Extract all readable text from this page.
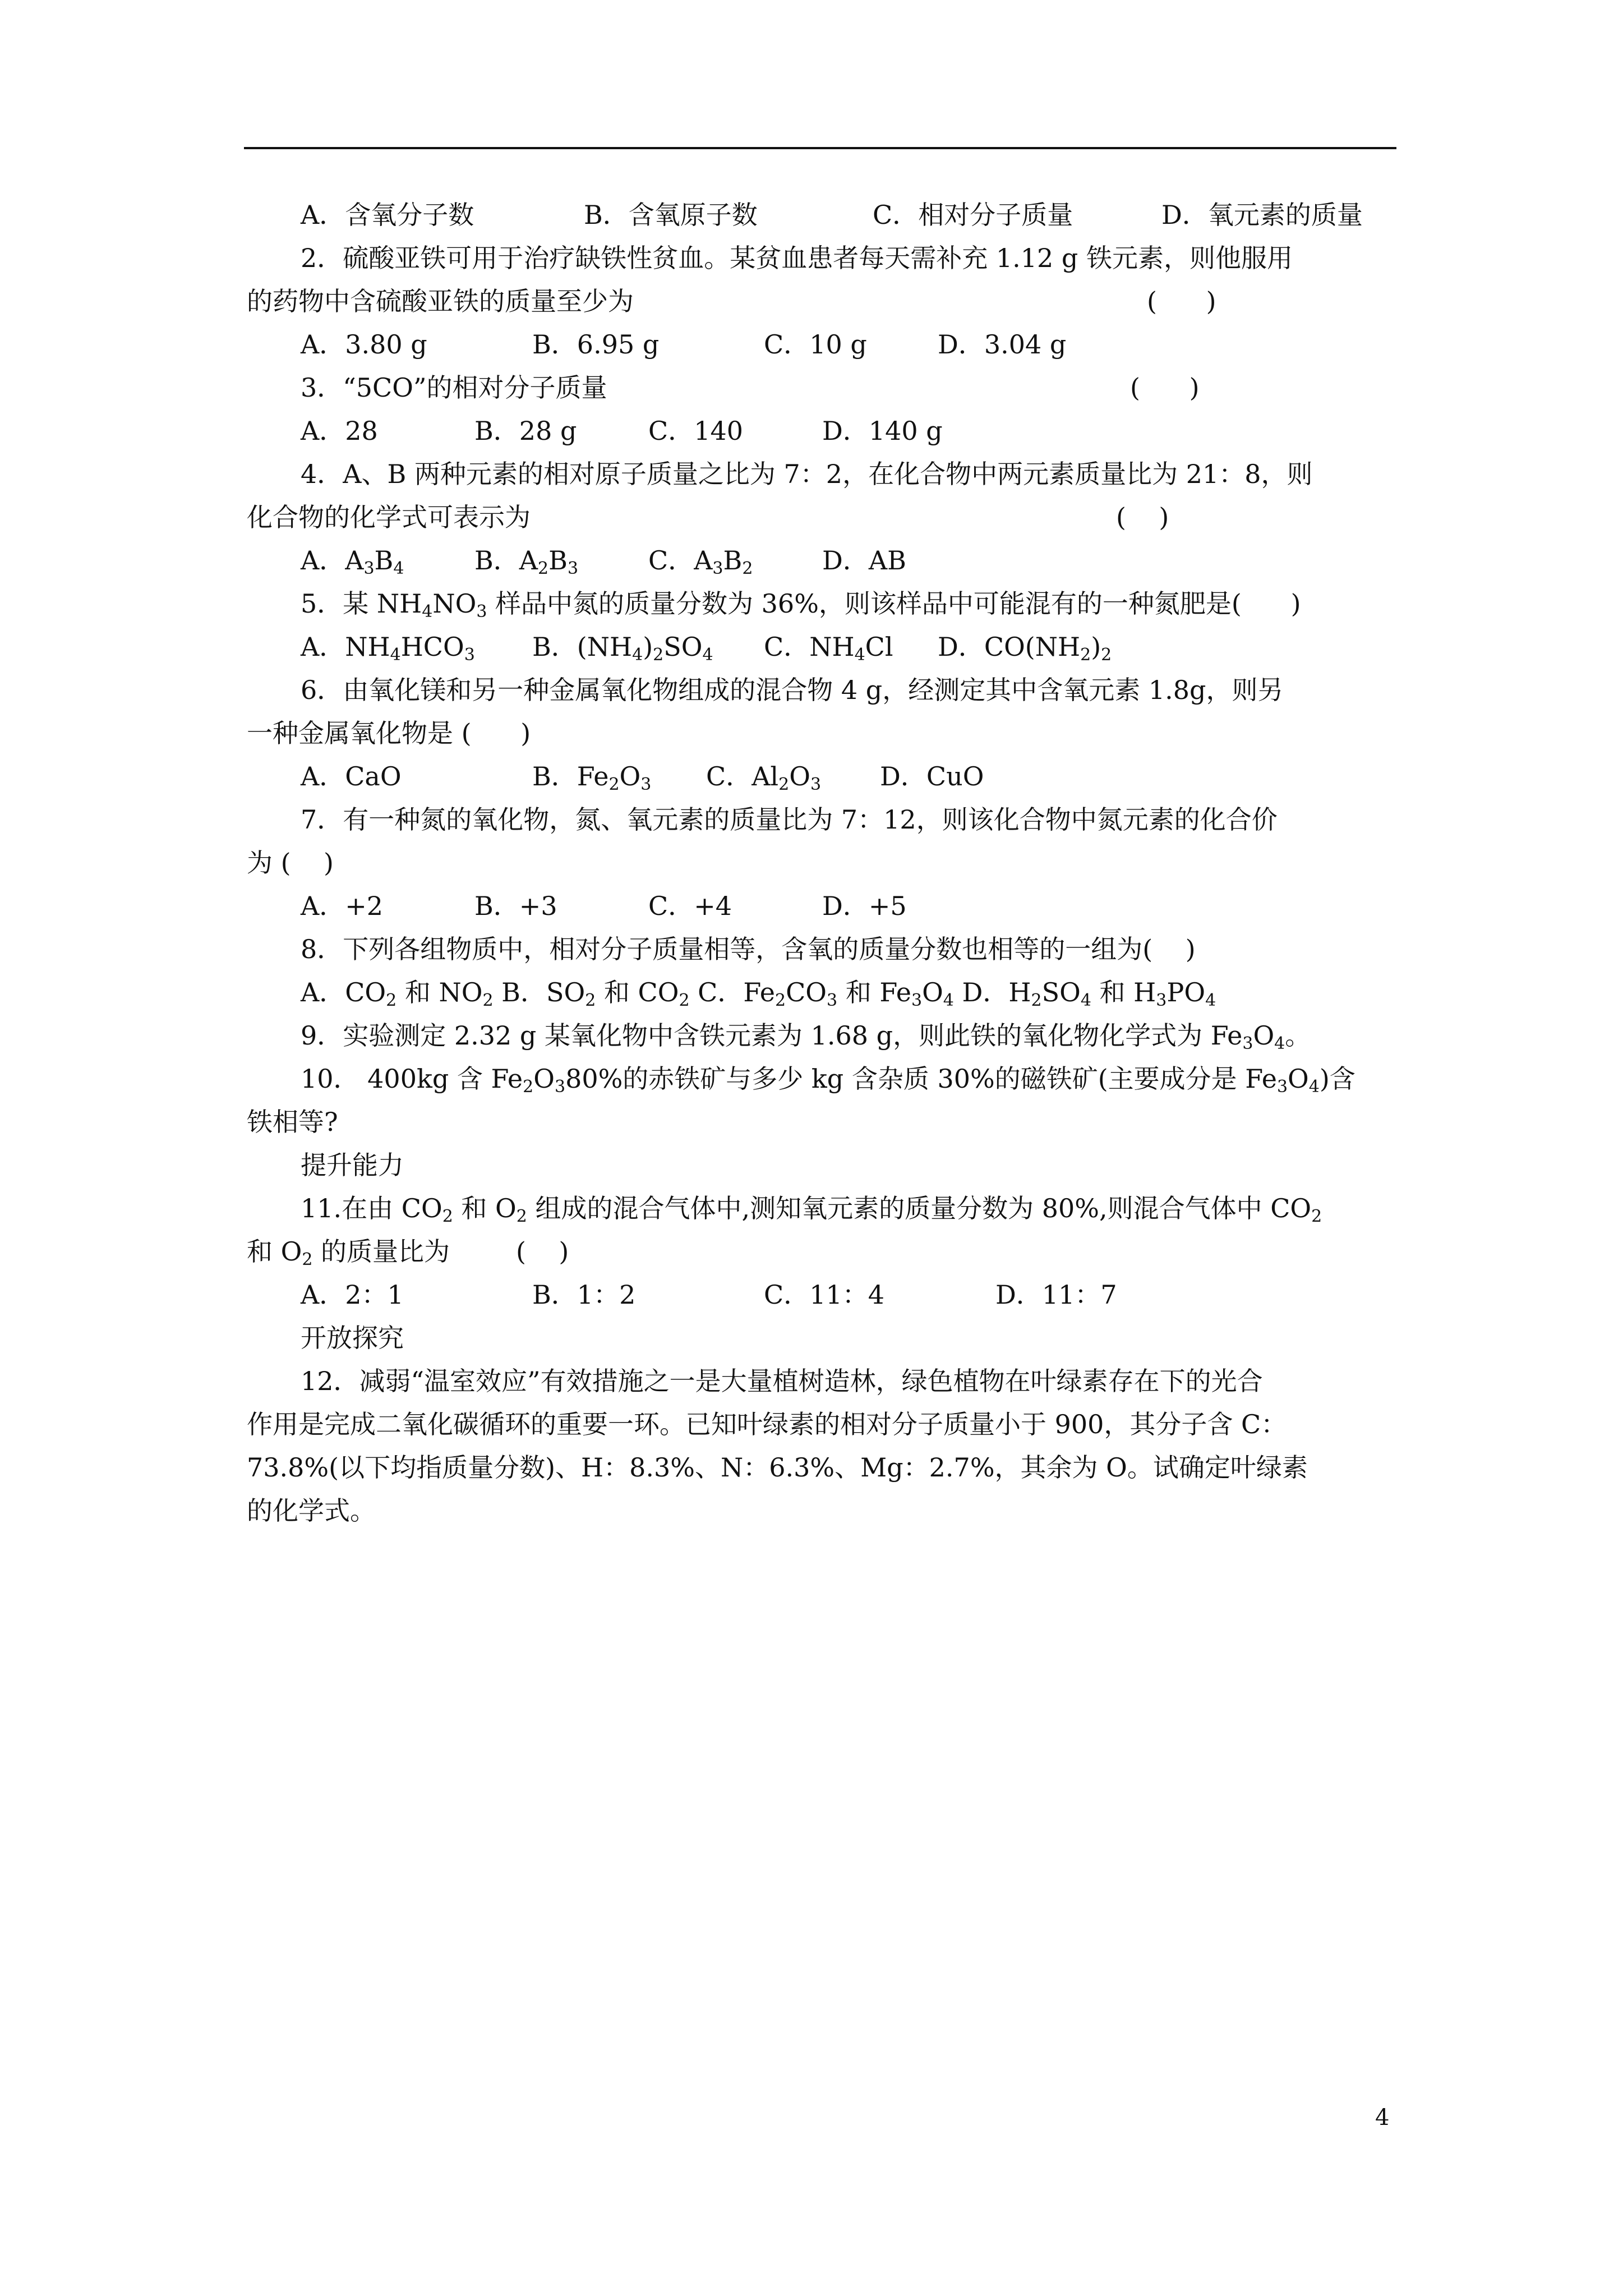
A．含氧分子数	B．含氧原子数	C．相对分子质量	D．氧元素的质量
2．硫酸亚铁可用于治疗缺铁性贫血。某贫血患者每天需补充 1.12 g 铁元素，则他服用
的药物中含硫酸亚铁的质量至少为	(      )
A．3.80 g	B．6.95 g	C．10 g	D．3.04 g
3．“5CO”的相对分子质量	(      )
A．28	B．28 g	C．140	D．140 g
4．A、B 两种元素的相对原子质量之比为 7：2，在化合物中两元素质量比为 21：8，则
化合物的化学式可表示为	(    )
A．$A_3B_4$	B．$A_2B_3$	C．$A_3B_2$	D．AB
5．某 $NH_4NO_3$ 样品中氮的质量分数为 36%，则该样品中可能混有的一种氮肥是(      )
A．$NH_4HCO_3$	B．$(NH_4)_2SO_4$	C．$NH_4Cl$	D．$CO(NH_2)_2$
6．由氧化镁和另一种金属氧化物组成的混合物 4 g，经测定其中含氧元素 1.8g，则另
一种金属氧化物是 (      )
A．CaO	B．$Fe_2O_3$	C．$Al_2O_3$	D．CuO
7．有一种氮的氧化物，氮、氧元素的质量比为 7：12，则该化合物中氮元素的化合价
为 (    )
A．+2	B．+3	C．+4	D．+5
8．下列各组物质中，相对分子质量相等，含氧的质量分数也相等的一组为(    )
A．$CO_2$ 和 $NO_2$ B．$SO_2$ 和 $CO_2$ C．$Fe_2CO_3$ 和 $Fe_3O_4$ D．$H_2SO_4$ 和 $H_3PO_4$
9．实验测定 2.32 g 某氧化物中含铁元素为 1.68 g，则此铁的氧化物化学式为 $Fe_3O_4$。
10． 400kg 含 $Fe_2O_380\%$的赤铁矿与多少 kg 含杂质 30%的磁铁矿(主要成分是 $Fe_3O_4$)含
铁相等?
提升能力
11.在由 $CO_2$ 和 $O_2$ 组成的混合气体中,测知氧元素的质量分数为 80%,则混合气体中 $CO_2$
和 $O_2$ 的质量比为	(    )
A．2：1	B．1：2	C．11：4	D．11：7
开放探究
12．减弱“温室效应”有效措施之一是大量植树造林，绿色植物在叶绿素存在下的光合
作用是完成二氧化碳循环的重要一环。已知叶绿素的相对分子质量小于 900，其分子含 C：
73.8%(以下均指质量分数)、H：8.3%、N：6.3%、Mg：2.7%，其余为 O。试确定叶绿素
的化学式。
4
